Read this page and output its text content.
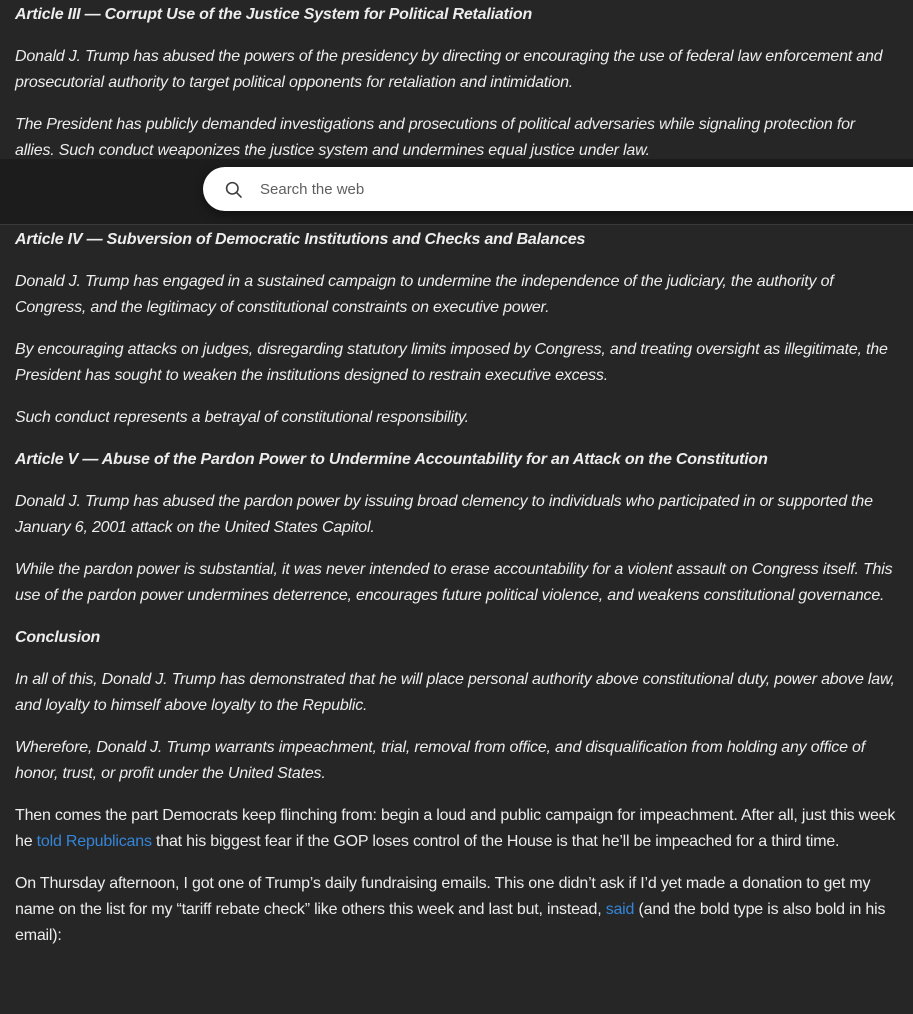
Article III — Corrupt Use of the Justice System for Political Retaliation

Donald J. Trump has abused the powers of the presidency by directing or encouraging the use of federal law enforcement and prosecutorial authority to target political opponents for retaliation and intimidation.

The President has publicly demanded investigations and prosecutions of political adversaries while signaling protection for allies. Such conduct weaponizes the justice system and undermines equal justice under law.

Search the web

Article IV — Subversion of Democratic Institutions and Checks and Balances

Donald J. Trump has engaged in a sustained campaign to undermine the independence of the judiciary, the authority of Congress, and the legitimacy of constitutional constraints on executive power.

By encouraging attacks on judges, disregarding statutory limits imposed by Congress, and treating oversight as illegitimate, the President has sought to weaken the institutions designed to restrain executive excess.

Such conduct represents a betrayal of constitutional responsibility.

Article V — Abuse of the Pardon Power to Undermine Accountability for an Attack on the Constitution

Donald J. Trump has abused the pardon power by issuing broad clemency to individuals who participated in or supported the January 6, 2001 attack on the United States Capitol.

While the pardon power is substantial, it was never intended to erase accountability for a violent assault on Congress itself. This use of the pardon power undermines deterrence, encourages future political violence, and weakens constitutional governance.

Conclusion

In all of this, Donald J. Trump has demonstrated that he will place personal authority above constitutional duty, power above law, and loyalty to himself above loyalty to the Republic.

Wherefore, Donald J. Trump warrants impeachment, trial, removal from office, and disqualification from holding any office of honor, trust, or profit under the United States.

Then comes the part Democrats keep flinching from: begin a loud and public campaign for impeachment. After all, just this week he told Republicans that his biggest fear if the GOP loses control of the House is that he’ll be impeached for a third time.

On Thursday afternoon, I got one of Trump’s daily fundraising emails. This one didn’t ask if I’d yet made a donation to get my name on the list for my “tariff rebate check” like others this week and last but, instead, said (and the bold type is also bold in his email):
